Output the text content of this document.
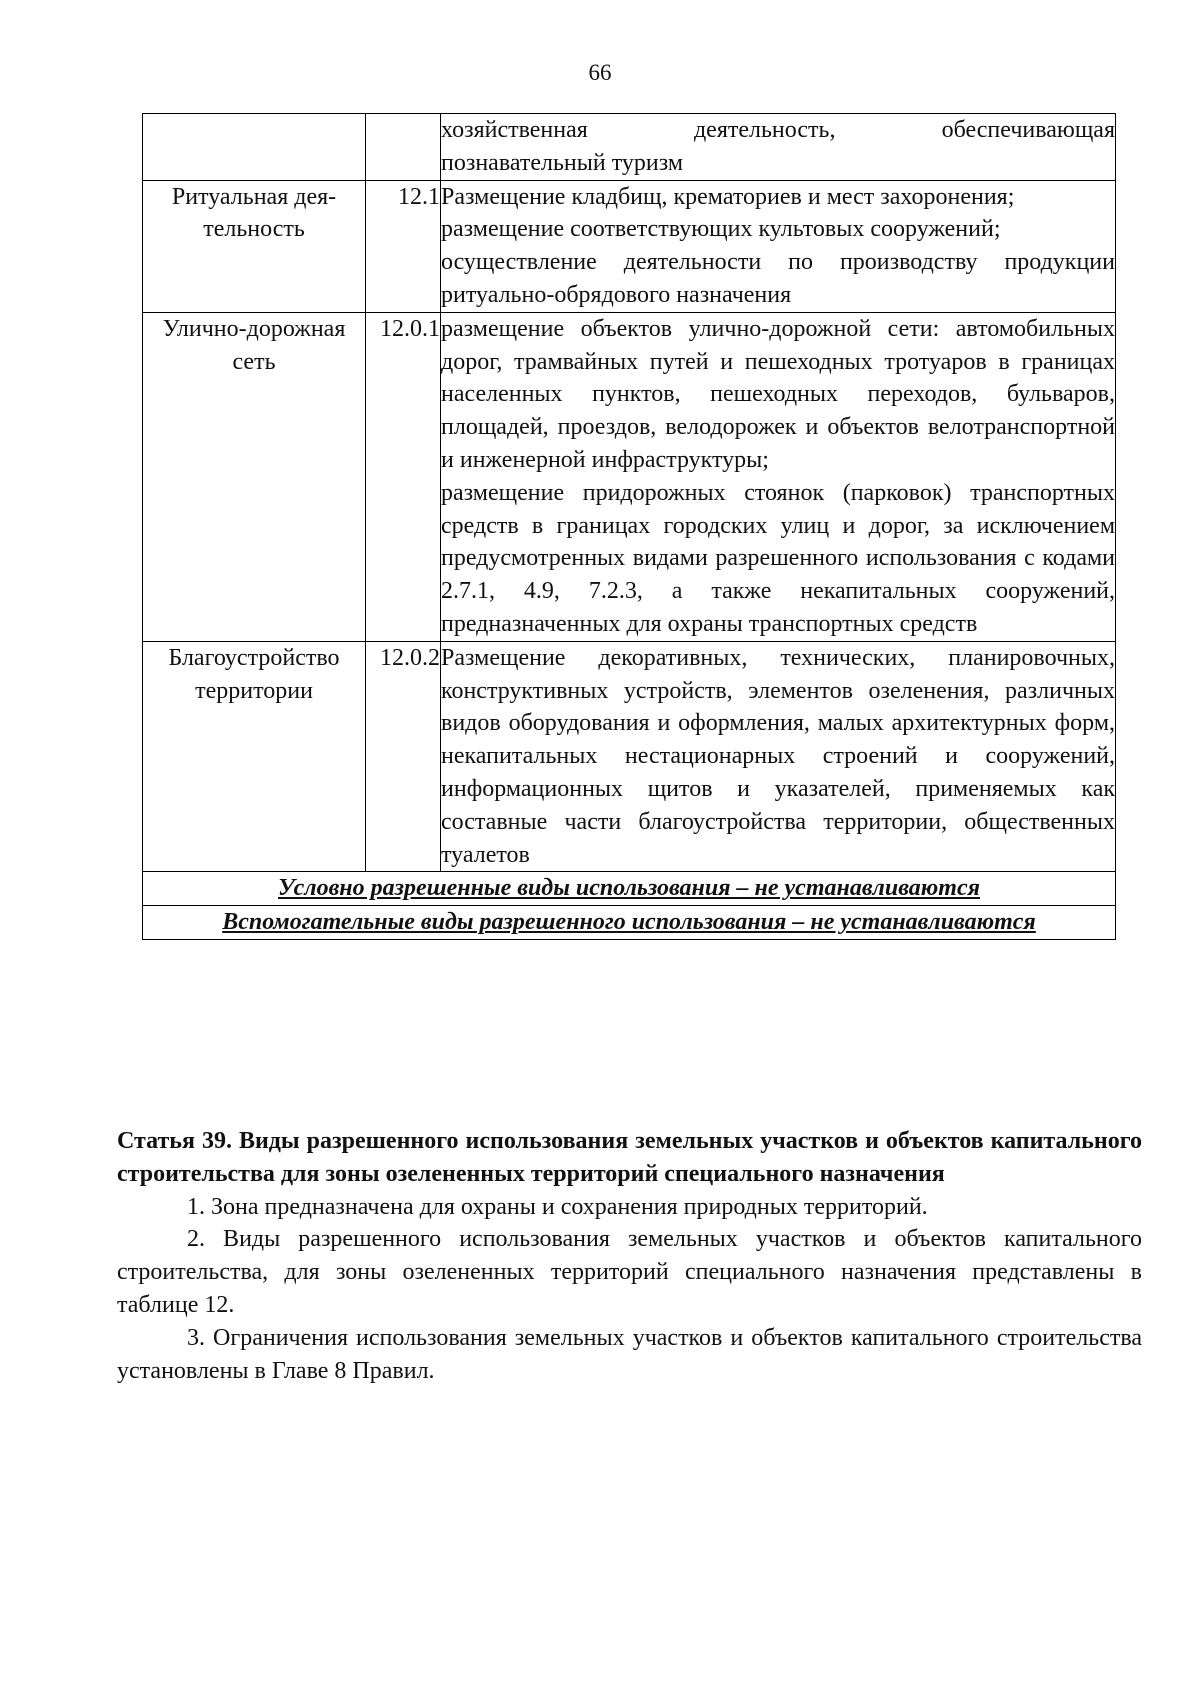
66

		хозяйственная деятельность, обеспечивающая
познавательный туризм

Ритуальная дея-тельность	12.1	Размещение кладбищ, крематориев и мест захоронения;
размещение соответствующих культовых сооружений;
осуществление деятельности по производству продукции ритуально-обрядового назначения

Улично-дорожная сеть	12.0.1	размещение объектов улично-дорожной сети: автомобильных дорог, трамвайных путей и пешеходных тротуаров в границах населенных пунктов, пешеходных переходов, бульваров, площадей, проездов, велодорожек и объектов велотранспортной и инженерной инфраструктуры;
размещение придорожных стоянок (парковок) транспортных средств в границах городских улиц и дорог, за исключением предусмотренных видами разрешенного использования с кодами 2.7.1, 4.9, 7.2.3, а также некапитальных сооружений, предназначенных для охраны транспортных средств

Благоустройство территории	12.0.2	Размещение декоративных, технических, планировочных, конструктивных устройств, элементов озеленения, различных видов оборудования и оформления, малых архитектурных форм, некапитальных нестационарных строений и сооружений, информационных щитов и указателей, применяемых как составные части благоустройства территории, общественных туалетов

Условно разрешенные виды использования – не устанавливаются		
Вспомогательные виды разрешенного использования – не устанавливаются		

Статья 39. Виды разрешенного использования земельных участков и объектов капитального строительства для зоны озелененных территорий специального назначения

1. Зона предназначена для охраны и сохранения природных территорий.

2. Виды разрешенного использования земельных участков и объектов капитального строительства, для зоны озелененных территорий специального назначения представлены в таблице 12.

3. Ограничения использования земельных участков и объектов капитального строительства установлены в Главе 8 Правил.
